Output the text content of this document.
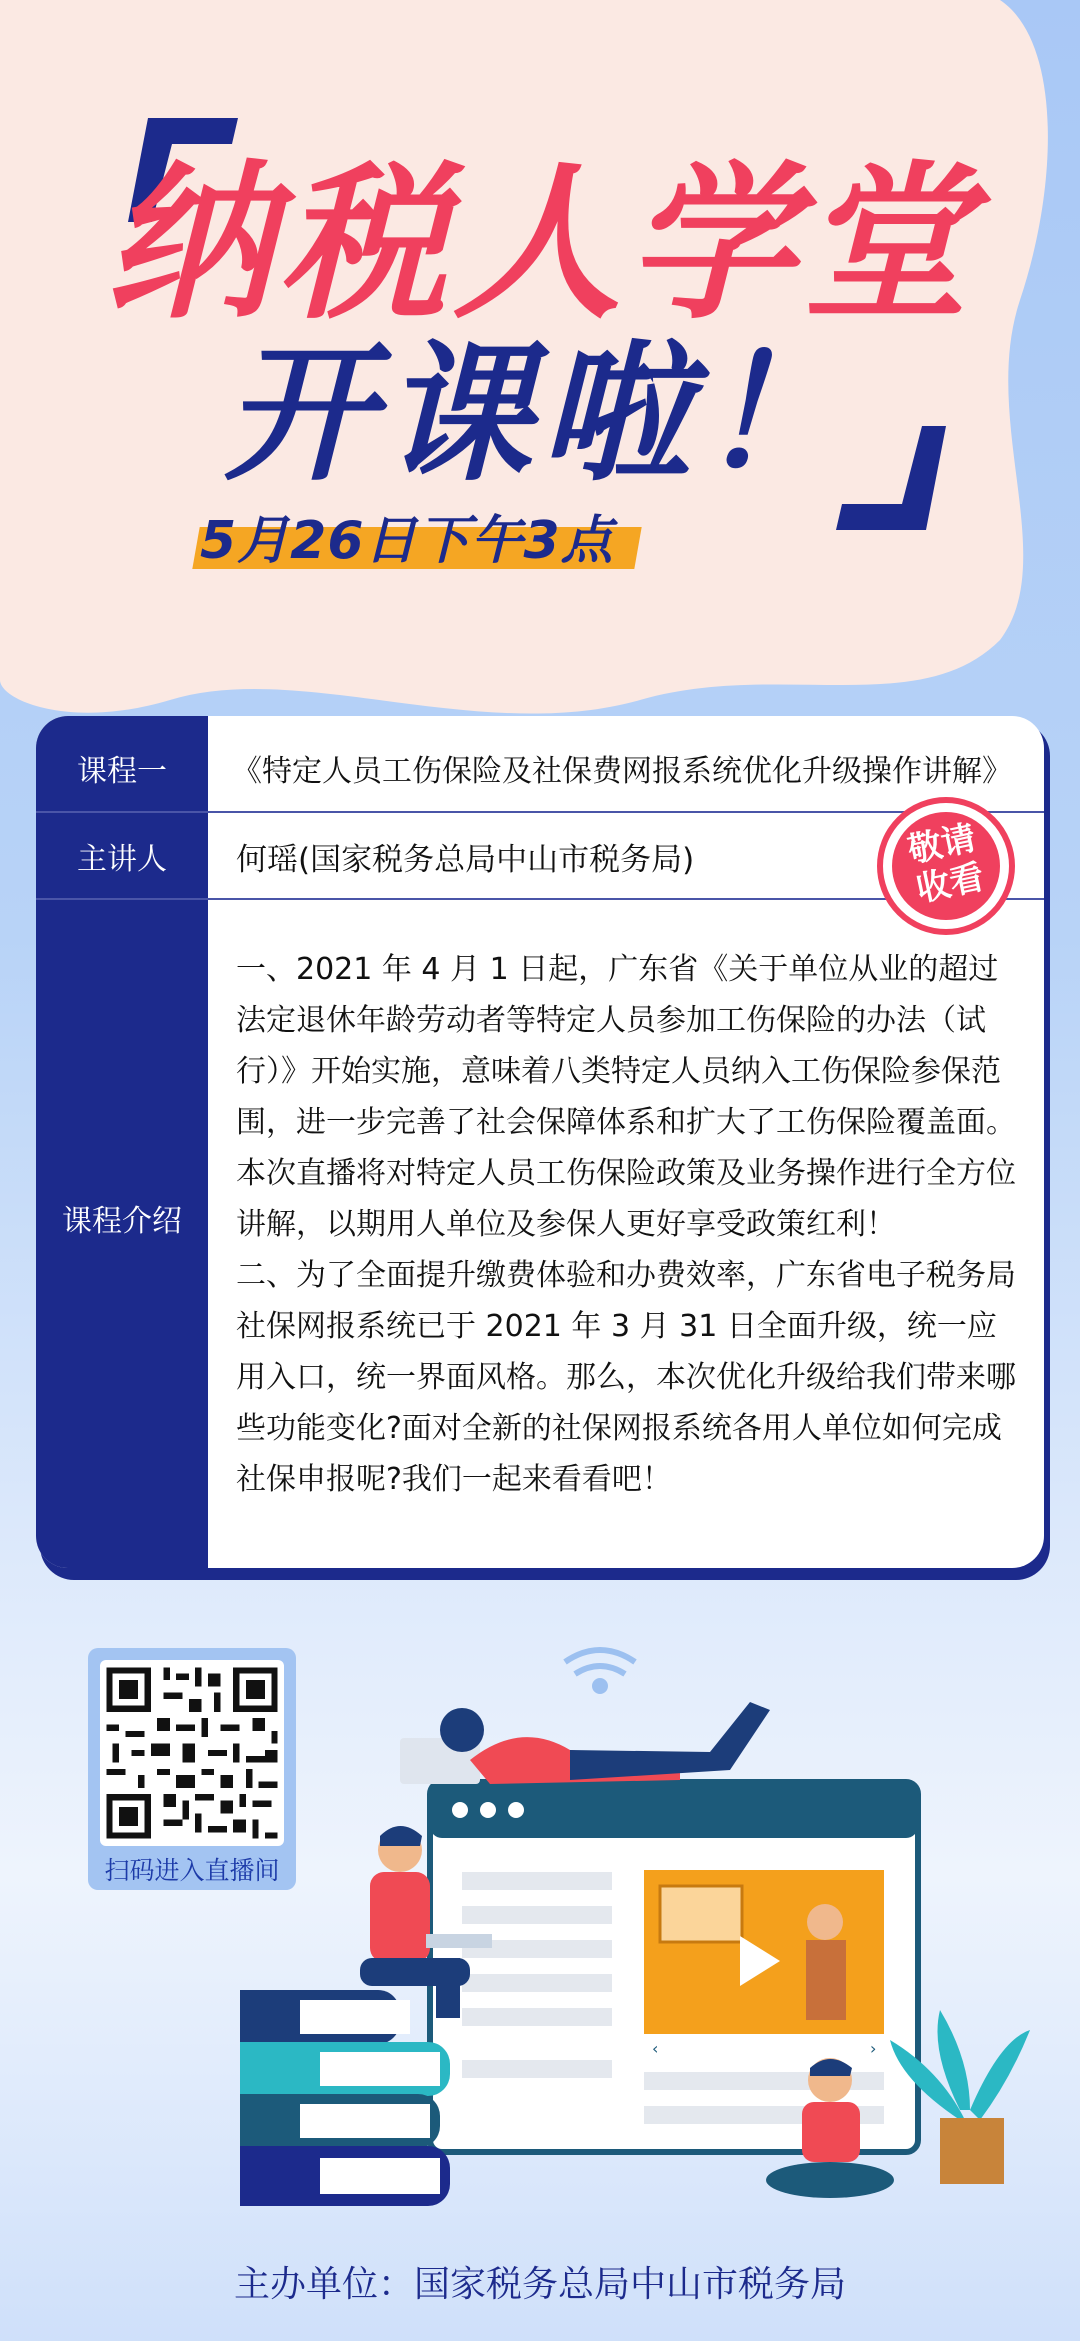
纳税人学堂
开课啦！
5月26日下午3点
课程一	《特定人员工伤保险及社保费网报系统优化升级操作讲解》
主讲人	何瑶(国家税务总局中山市税务局)
课程介绍

一、2021 年 4 月 1 日起，广东省《关于单位从业的超过法定退休年龄劳动者等特定人员参加工伤保险的办法（试行）》开始实施，意味着八类特定人员纳入工伤保险参保范围，进一步完善了社会保障体系和扩大了工伤保险覆盖面。本次直播将对特定人员工伤保险政策及业务操作进行全方位讲解，以期用人单位及参保人更好享受政策红利！

二、为了全面提升缴费体验和办费效率，广东省电子税务局社保网报系统已于 2021 年 3 月 31 日全面升级，统一应用入口，统一界面风格。那么，本次优化升级给我们带来哪些功能变化?面对全新的社保网报系统各用人单位如何完成社保申报呢?我们一起来看看吧！

敬请
收看
扫码进入直播间
‹	›
主办单位：国家税务总局中山市税务局
